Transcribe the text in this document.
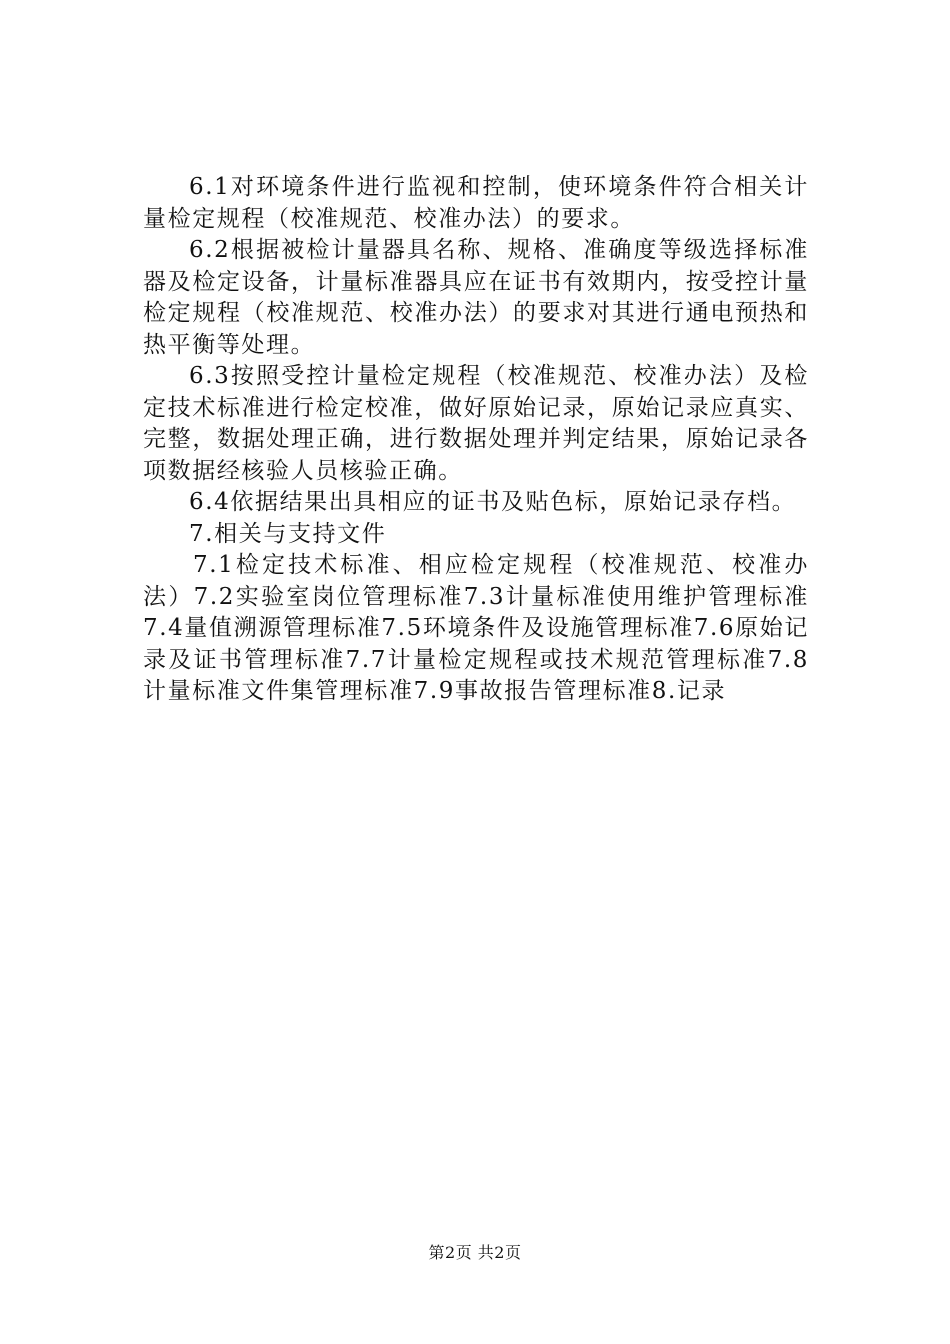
6.1对环境条件进行监视和控制，使环境条件符合相关计量检定规程（校准规范、校准办法）的要求。

6.2根据被检计量器具名称、规格、准确度等级选择标准器及检定设备，计量标准器具应在证书有效期内，按受控计量检定规程（校准规范、校准办法）的要求对其进行通电预热和热平衡等处理。

6.3按照受控计量检定规程（校准规范、校准办法）及检定技术标准进行检定校准，做好原始记录，原始记录应真实、完整，数据处理正确，进行数据处理并判定结果，原始记录各项数据经核验人员核验正确。

6.4依据结果出具相应的证书及贴色标，原始记录存档。

7.相关与支持文件

7.1检定技术标准、相应检定规程（校准规范、校准办法）7.2实验室岗位管理标准7.3计量标准使用维护管理标准7.4量值溯源管理标准7.5环境条件及设施管理标准7.6原始记录及证书管理标准7.7计量检定规程或技术规范管理标准7.8计量标准文件集管理标准7.9事故报告管理标准8.记录

第2页 共2页
